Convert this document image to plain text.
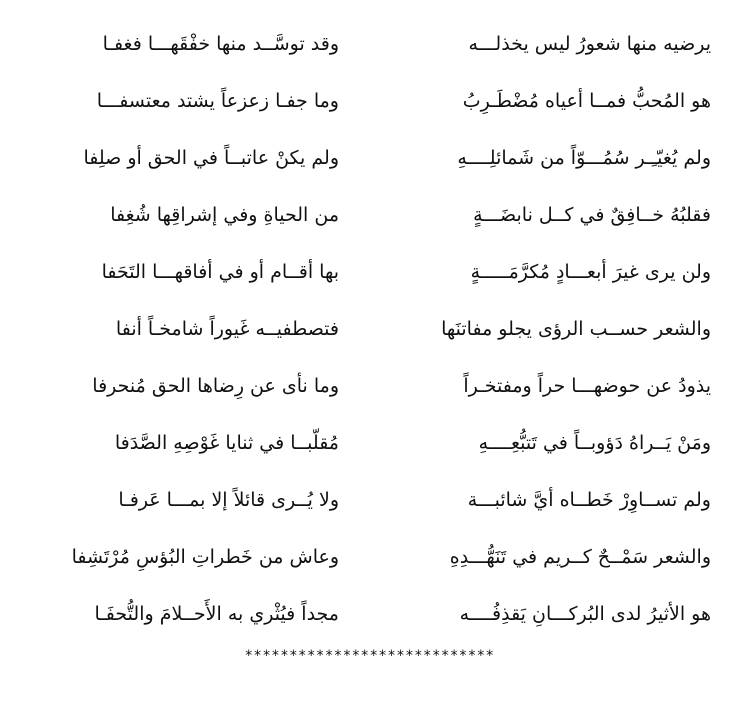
يرضيه منها شعورُ ليس يخذلـــه
وقد توسَّــد منها خفْقَهـــا فغفـا
هو المُحبُّ فمــا أعياه مُضْطَـرِبُ
وما جفـا زعزعاً يشتد معتسفـــا
ولم يُغيّـِـر سُمُـــوّاً من شَمائلِــــهِ
ولم يكنْ عاتبــاً في الحق أو صلِفا
فقلبُهُ خــافِقٌ في كــل نابضَـــةٍ
من الحياةِ وفي إشراقِها شُغِفا
ولن يرى غيرَ أبعـــادٍ مُكرَّمَـــــةٍ
بها أقــام أو في أفاقهـــا التَحَفا
والشعر حســب الرؤى يجلو مفاتنَها
فتصطفيــه غَيوراً شامخـاً أنفا
يذودُ عن حوضهـــا حراً ومفتخـراً
وما نأى عن رِضاها الحق مُنحرفا
ومَنْ يَــراهُ دَؤوبــاً في تَتبُّعِــــهِ
مُقلّبــا في ثنايا غَوْصِهِ الصَّدَفا
ولم تســاوِرْ خَطــاه أيَّ شائبـــة
ولا يُــرى قائلاً إلا بمـــا عَرفـا
والشعر سَمْــحٌ كــريم في تَنَهُّـــدِهِ
وعاش من خَطراتِ البُؤسِ مُرْتَشِفا
هو الأثيرُ لدى البُركـــانِ يَقذِفُــــه
مجداً فيُثْري به الأَحــلامَ والتُّحفَـا
****************************
